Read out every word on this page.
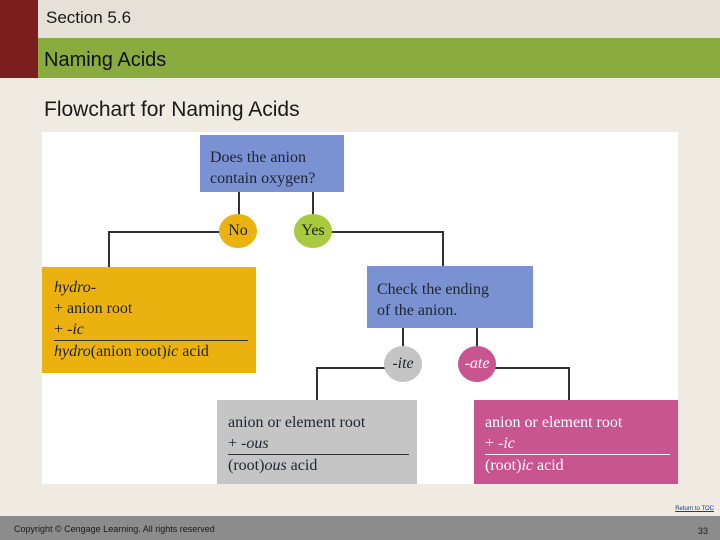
Section 5.6
Naming Acids
Flowchart for Naming Acids
Does the anion
contain oxygen?
No	Yes
hydro-
+ anion root
+ -ic
hydro(anion root)ic acid
Check the ending
of the anion.
-ite	-ate
anion or element root
+ -ous
(root)ous acid
anion or element root
+ -ic
(root)ic acid
Return to TOC
Copyright © Cengage Learning. All rights reserved	33
